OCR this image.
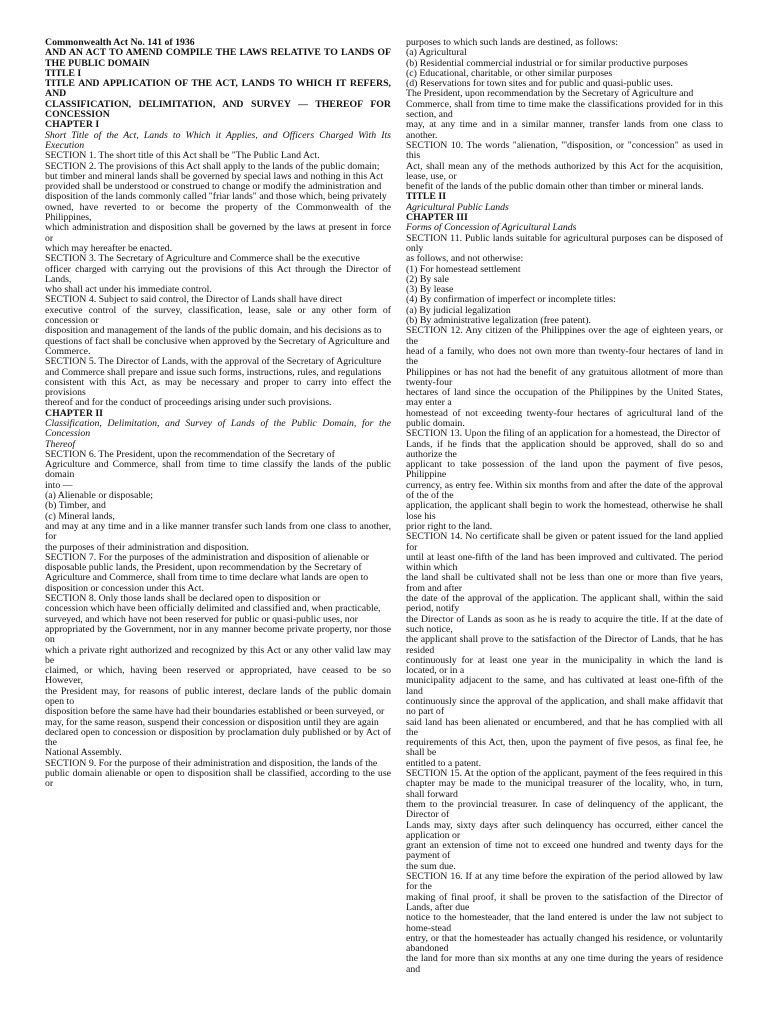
Commonwealth Act No. 141 of 1936

AND AN ACT TO AMEND COMPILE THE LAWS RELATIVE TO LANDS OF THE PUBLIC DOMAIN

TITLE I

TITLE AND APPLICATION OF THE ACT, LANDS TO WHICH IT REFERS, AND

CLASSIFICATION, DELIMITATION, AND SURVEY — THEREOF FOR CONCESSION

CHAPTER I

Short Title of the Act, Lands to Which it Applies, and Officers Charged With Its Execution

SECTION 1. The short title of this Act shall be "The Public Land Act.

SECTION 2. The provisions of this Act shall apply to the lands of the public domain;

but timber and mineral lands shall be governed by special laws and nothing in this Act

provided shall be understood or construed to change or modify the administration and

disposition of the lands commonly called "friar lands" and those which, being privately

owned, have reverted to or become the property of the Commonwealth of the Philippines,

which administration and disposition shall be governed by the laws at present in force or

which may hereafter be enacted.

SECTION 3. The Secretary of Agriculture and Commerce shall be the executive

officer charged with carrying out the provisions of this Act through the Director of Lands,

who shall act under his immediate control.

SECTION 4. Subject to said control, the Director of Lands shall have direct

executive control of the survey, classification, lease, sale or any other form of concession or

disposition and management of the lands of the public domain, and his decisions as to

questions of fact shall be conclusive when approved by the Secretary of Agriculture and

Commerce.

SECTION 5. The Director of Lands, with the approval of the Secretary of Agriculture

and Commerce shall prepare and issue such forms, instructions, rules, and regulations

consistent with this Act, as may be necessary and proper to carry into effect the provisions

thereof and for the conduct of proceedings arising under such provisions.

CHAPTER II

Classification, Delimitation, and Survey of Lands of the Public Domain, for the Concession

Thereof

SECTION 6. The President, upon the recommendation of the Secretary of

Agriculture and Commerce, shall from time to time classify the lands of the public domain

into —

(a) Alienable or disposable;

(b) Timber, and

(c) Mineral lands,

and may at any time and in a like manner transfer such lands from one class to another, for

the purposes of their administration and disposition.

SECTION 7. For the purposes of the administration and disposition of alienable or

disposable public lands, the President, upon recommendation by the Secretary of

Agriculture and Commerce, shall from time to time declare what lands are open to

disposition or concession under this Act.

SECTION 8. Only those lands shall be declared open to disposition or

concession which have been officially delimited and classified and, when practicable,

surveyed, and which have not been reserved for public or quasi-public uses, nor

appropriated by the Government, nor in any manner become private property, nor those on

which a private right authorized and recognized by this Act or any other valid law may be

claimed, or which, having been reserved or appropriated, have ceased to be so However,

the President may, for reasons of public interest, declare lands of the public domain open to

disposition before the same have had their boundaries established or been surveyed, or

may, for the same reason, suspend their concession or disposition until they are again

declared open to concession or disposition by proclamation duly published or by Act of the

National Assembly.

SECTION 9. For the purpose of their administration and disposition, the lands of the

public domain alienable or open to disposition shall be classified, according to the use or

purposes to which such lands are destined, as follows:

(a) Agricultural

(b) Residential commercial industrial or for similar productive purposes

(c) Educational, charitable, or other similar purposes

(d) Reservations for town sites and for public and quasi-public uses.

The President, upon recommendation by the Secretary of Agriculture and

Commerce, shall from time to time make the classifications provided for in this section, and

may, at any time and in a similar manner, transfer lands from one class to another.

SECTION 10. The words "alienation, "'disposition, or "concession" as used in this

Act, shall mean any of the methods authorized by this Act for the acquisition, lease, use, or

benefit of the lands of the public domain other than timber or mineral lands.

TITLE II

Agricultural Public Lands

CHAPTER III

Forms of Concession of Agricultural Lands

SECTION 11. Public lands suitable for agricultural purposes can be disposed of only

as follows, and not otherwise:

(1) For homestead settlement

(2) By sale

(3) By lease

(4) By confirmation of imperfect or incomplete titles:

(a) By judicial legalization

(b) By administrative legalization (free patent).

SECTION 12. Any citizen of the Philippines over the age of eighteen years, or the

head of a family, who does not own more than twenty-four hectares of land in the

Philippines or has not had the benefit of any gratuitous allotment of more than twenty-four

hectares of land since the occupation of the Philippines by the United States, may enter a

homestead of not exceeding twenty-four hectares of agricultural land of the public domain.

SECTION 13. Upon the filing of an application for a homestead, the Director of

Lands, if he finds that the application should be approved, shall do so and authorize the

applicant to take possession of the land upon the payment of five pesos, Philippine

currency, as entry fee. Within six months from and after the date of the approval of the of the

application, the applicant shall begin to work the homestead, otherwise he shall lose his

prior right to the land.

SECTION 14. No certificate shall be given or patent issued for the land applied for

until at least one-fifth of the land has been improved and cultivated. The period within which

the land shall be cultivated shall not be less than one or more than five years, from and after

the date of the approval of the application. The applicant shall, within the said period, notify

the Director of Lands as soon as he is ready to acquire the title. If at the date of such notice,

the applicant shall prove to the satisfaction of the Director of Lands, that he has resided

continuously for at least one year in the municipality in which the land is located, or in a

municipality adjacent to the same, and has cultivated at least one-fifth of the land

continuously since the approval of the application, and shall make affidavit that no part of

said land has been alienated or encumbered, and that he has complied with all the

requirements of this Act, then, upon the payment of five pesos, as final fee, he shall be

entitled to a patent.

SECTION 15. At the option of the applicant, payment of the fees required in this

chapter may be made to the municipal treasurer of the locality, who, in turn, shall forward

them to the provincial treasurer. In case of delinquency of the applicant, the Director of

Lands may, sixty days after such delinquency has occurred, either cancel the application or

grant an extension of time not to exceed one hundred and twenty days for the payment of

the sum due.

SECTION 16. If at any time before the expiration of the period allowed by law for the

making of final proof, it shall be proven to the satisfaction of the Director of Lands, after due

notice to the homesteader, that the land entered is under the law not subject to home-stead

entry, or that the homesteader has actually changed his residence, or voluntarily abandoned

the land for more than six months at any one time during the years of residence and
